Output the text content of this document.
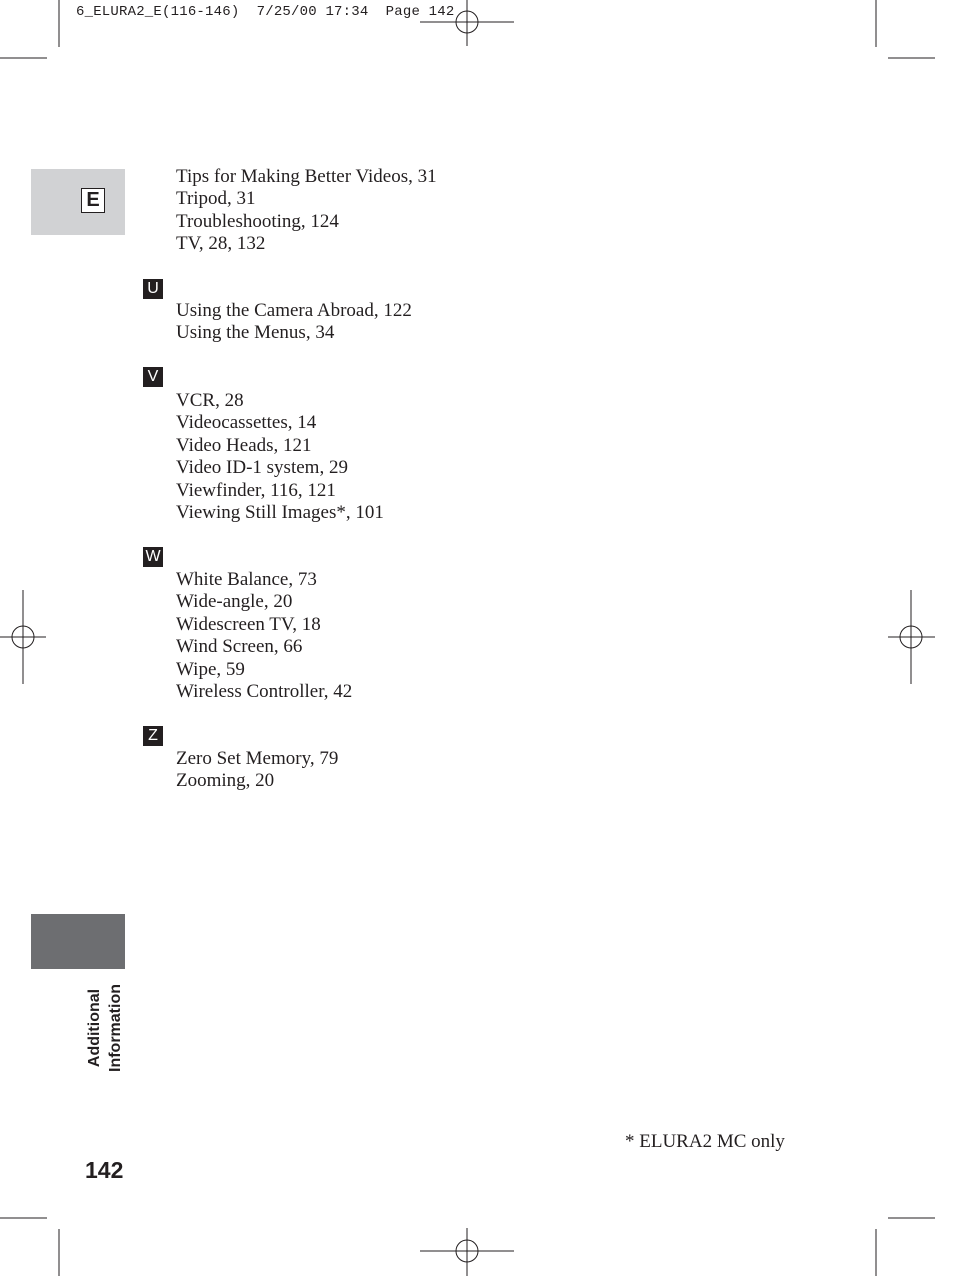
6_ELURA2_E(116-146)  7/25/00 17:34  Page 142
E
Additional Information
Tips for Making Better Videos, 31
Tripod, 31
Troubleshooting, 124
TV, 28, 132
U
Using the Camera Abroad, 122
Using the Menus, 34
V
VCR, 28
Videocassettes, 14
Video Heads, 121
Video ID-1 system, 29
Viewfinder, 116, 121
Viewing Still Images*, 101
W
White Balance, 73
Wide-angle, 20
Widescreen TV, 18
Wind Screen, 66
Wipe, 59
Wireless Controller, 42
Z
Zero Set Memory, 79
Zooming, 20
* ELURA2 MC only
142
